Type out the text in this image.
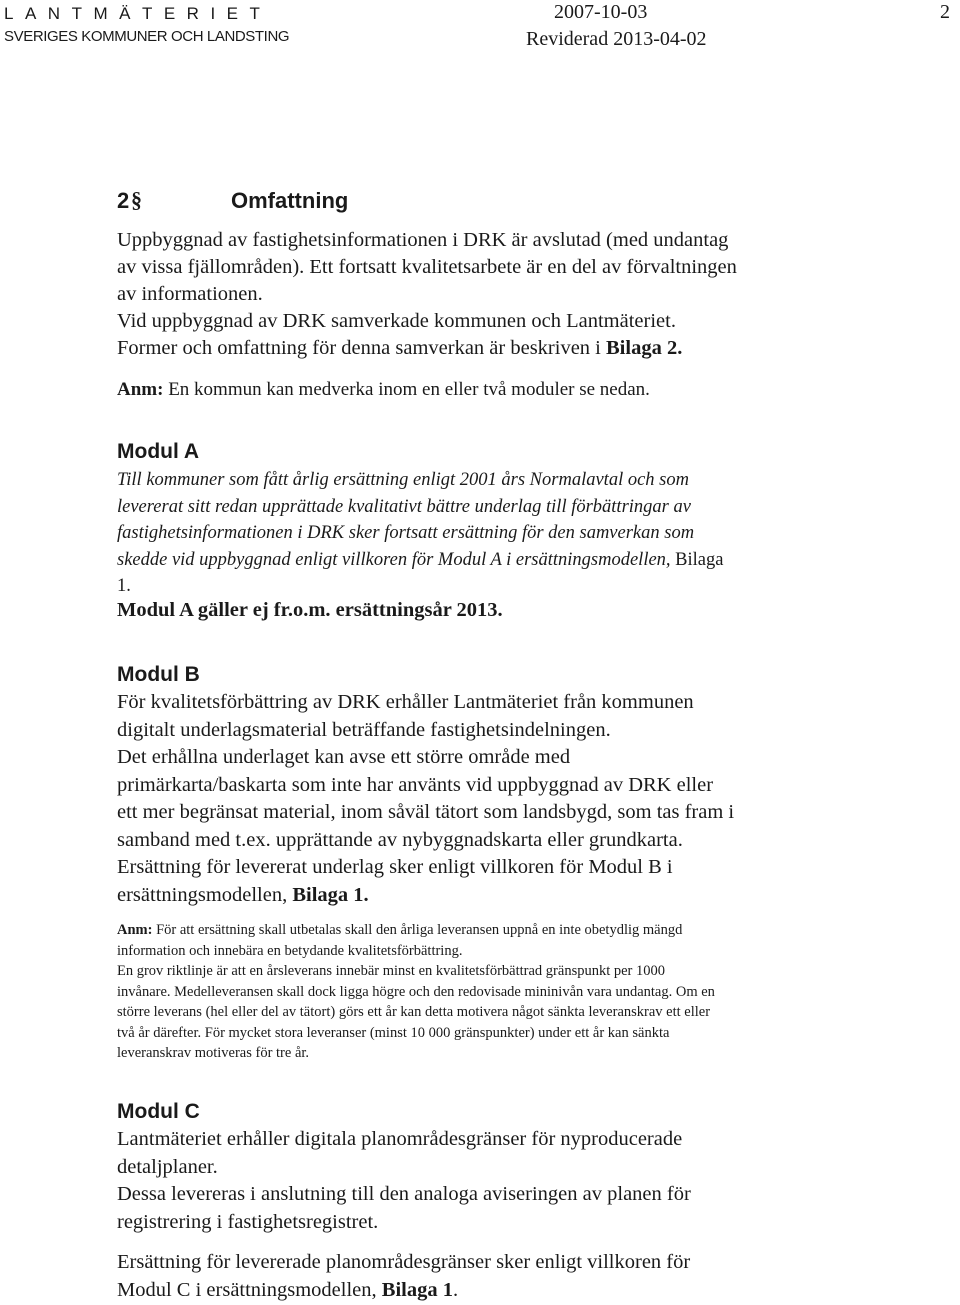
LANTMÄTERIET
SVERIGES KOMMUNER OCH LANDSTING
2007-10-03
Reviderad 2013-04-02
2
2 §	Omfattning
Uppbyggnad av fastighetsinformationen i DRK är avslutad (med undantag
av vissa fjällområden). Ett fortsatt kvalitetsarbete är en del av förvaltningen
av informationen.
Vid uppbyggnad av DRK samverkade kommunen och Lantmäteriet.
Former och omfattning för denna samverkan är beskriven i Bilaga 2.
Anm: En kommun kan medverka inom en eller två moduler se nedan.
Modul A
Till kommuner som fått årlig ersättning enligt 2001 års Normalavtal och som
levererat sitt redan upprättade kvalitativt bättre underlag till förbättringar av
fastighetsinformationen i DRK sker fortsatt ersättning för den samverkan som
skedde vid uppbyggnad enligt villkoren för Modul A i ersättningsmodellen, Bilaga
1.
Modul A gäller ej fr.o.m. ersättningsår 2013.
Modul B
För kvalitetsförbättring av DRK erhåller Lantmäteriet från kommunen
digitalt underlagsmaterial beträffande fastighetsindelningen.
Det erhållna underlaget kan avse ett större område med
primärkarta/baskarta som inte har använts vid uppbyggnad av DRK eller
ett mer begränsat material, inom såväl tätort som landsbygd, som tas fram i
samband med t.ex. upprättande av nybyggnadskarta eller grundkarta.
Ersättning för levererat underlag sker enligt villkoren för Modul B i
ersättningsmodellen, Bilaga 1.
Anm: För att ersättning skall utbetalas skall den årliga leveransen uppnå en inte obetydlig mängd
information och innebära en betydande kvalitetsförbättring.
En grov riktlinje är att en årsleverans innebär minst en kvalitetsförbättrad gränspunkt per 1000
invånare. Medelleveransen skall dock ligga högre och den redovisade mininivån vara undantag. Om en
större leverans (hel eller del av tätort) görs ett år kan detta motivera något sänkta leveranskrav ett eller
två år därefter. För mycket stora leveranser (minst 10 000 gränspunkter) under ett år kan sänkta
leveranskrav motiveras för tre år.
Modul C
Lantmäteriet erhåller digitala planområdesgränser för nyproducerade
detaljplaner.
Dessa levereras i anslutning till den analoga aviseringen av planen för
registrering i fastighetsregistret.
Ersättning för levererade planområdesgränser sker enligt villkoren för
Modul C i ersättningsmodellen, Bilaga 1.
